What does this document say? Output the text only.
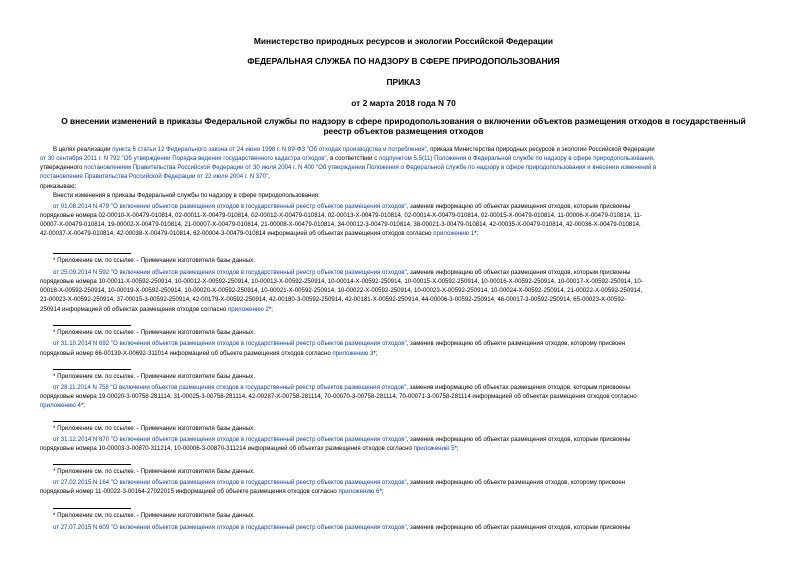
Министерство природных ресурсов и экологии Российской Федерации
ФЕДЕРАЛЬНАЯ СЛУЖБА ПО НАДЗОРУ В СФЕРЕ ПРИРОДОПОЛЬЗОВАНИЯ
ПРИКАЗ
от 2 марта 2018 года N 70
О внесении изменений в приказы Федеральной службы по надзору в сфере природопользования о включении объектов размещения отходов в государственный
реестр объектов размещения отходов
В целях реализации пункта 6 статьи 12 Федерального закона от 24 июня 1998 г. N 89-ФЗ "Об отходах производства и потребления", приказа Министерства природных ресурсов и экологии Российской Федерации
от 30 сентября 2011 г. N 792 "Об утверждении Порядка ведения государственного кадастра отходов", в соответствии с подпунктом 5.5(11) Положения о Федеральной службе по надзору в сфере природопользования,
утвержденного постановлением Правительства Российской Федерации от 30 июля 2004 г. N 400 "Об утверждении Положения о Федеральной службе по надзору в сфере природопользования и внесении изменений в
постановление Правительства Российской Федерации от 22 июля 2004 г. N 370",
приказываю:
Внести изменения в приказы Федеральной службы по надзору в сфере природопользования:
от 01.08.2014 N 479 "О включении объектов размещения отходов в государственный реестр объектов размещения отходов", заменив информацию об объектах размещения отходов, которым присвоены
порядковые номера 02-00010-Х-00479-010814, 02-00011-Х-00479-010814, 02-00012-Х-00479-010814, 02-00013-Х-00479-010814, 02-00014-Х-00479-010814, 02-00015-Х-00479-010814, 11-00006-Х-00479-010814, 11-
00007-Х-00479-010814, 19-00002-Х-00479-010814, 21-00007-Х-00479-010814, 21-00008-Х-00479-010814, 34-00012-3-00479-010814, 38-00021-3-00479-010814, 42-00035-Х-00479-010814, 42-00036-Х-00479-010814,
42-00037-Х-00479-010814, 42-00038-Х-00479-010814, 62-00004-3-00479-010814 информацией об объектах размещения отходов согласно приложению 1*;
* Приложение см. по ссылке. - Примечание изготовителя базы данных.
от 25.09.2014 N 592 "О включении объектов размещения отходов в государственный реестр объектов размещения отходов", заменив информацию об объектах размещения отходов, которым присвоены
порядковые номера 10-00011-Х-00592-250914, 10-00012-Х-00592-250914, 10-00013-Х-00592-250914, 10-00014-Х-00592-250914, 10-00015-Х-00592-250914, 10-00016-Х-00592-250914, 10-00017-Х-00592-250914, 10-
00018-Х-00592-250914, 10-00019-Х-00592-250914, 10-00020-Х-00592-250914, 10-00021-Х-00592-250914, 10-00022-Х-00592-250914, 10-00023-Х-00592-250914, 10-00024-Х-00592-250914, 21-00022-Х-00592-250914,
21-00023-Х-00592-250914, 37-00015-3-00592-250914, 42-00179-Х-00592-250914, 42-00180-3-00592-250914, 42-00181-Х-00592-250914, 44-00006-3-00592-250914, 46-00017-3-00592-250914, 65-00023-Х-00592-
250914 информацией об объектах размещения отходов согласно приложению 2*;
* Приложение см. по ссылке. - Примечание изготовителя базы данных.
от 31.10.2014 N 692 "О включении объектов размещения отходов в государственный реестр объектов размещения отходов", заменив информацию об объекте размещения отходов, которому присвоен
порядковый номер 66-00139-Х-00692-311014 информацией об объекте размещения отходов согласно приложению 3*;
* Приложение см. по ссылке. - Примечание изготовителя базы данных.
от 28.11.2014 N 758 "О включении объектов размещения отходов в государственный реестр объектов размещения отходов", заменив информацию об объектах размещения отходов, которым присвоены
порядковые номера 19-00020-3-00758-281114, 31-00025-3-00758-281114, 42-00287-Х-00758-281114, 70-00070-3-00758-281114, 70-00071-3-00758-281114 информацией об объектах размещения отходов согласно
приложению 4*;
* Приложение см. по ссылке. - Примечание изготовителя базы данных.
от 31.12.2014 N 870 "О включении объектов размещения отходов в государственный реестр объектов размещения отходов", заменив информацию об объектах размещения отходов, которым присвоены
порядковые номера 10-00003-3-00870-311214, 10-00006-3-00870-311214 информацией об объектах размещения отходов согласно приложению 5*;
* Приложение см. по ссылке. - Примечание изготовителя базы данных.
от 27.02.2015 N 164 "О включении объектов размещения отходов в государственный реестр объектов размещения отходов", заменив информацию об объекте размещения отходов, которому присвоен
порядковый номер 11-00022-3-00164-27022015 информацией об объекте размещения отходов согласно приложению 6*;
* Приложение см. по ссылке. - Примечание изготовителя базы данных.
от 27.07.2015 N 609 "О включении объектов размещения отходов в государственный реестр объектов размещения отходов", заменив информацию об объектах размещения отходов, которым присвоены
